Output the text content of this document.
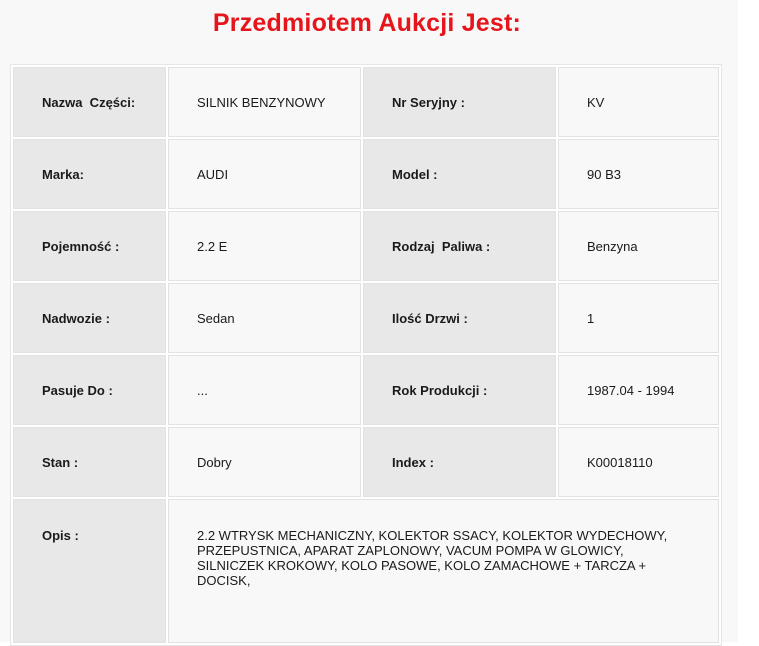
Przedmiotem Aukcji Jest:
Nazwa  Części:	SILNIK BENZYNOWY	Nr Seryjny :	KV
Marka:	AUDI	Model :	90 B3
Pojemność :	2.2 E	Rodzaj  Paliwa :	Benzyna
Nadwozie :	Sedan	Ilość Drzwi :	1
Pasuje Do :	...	Rok Produkcji :	1987.04 - 1994
Stan :	Dobry	Index :	K00018110
Opis :	2.2 WTRYSK MECHANICZNY, KOLEKTOR SSACY, KOLEKTOR WYDECHOWY, PRZEPUSTNICA, APARAT ZAPLONOWY, VACUM POMPA W GLOWICY, SILNICZEK KROKOWY, KOLO PASOWE, KOLO ZAMACHOWE + TARCZA + DOCISK,		
